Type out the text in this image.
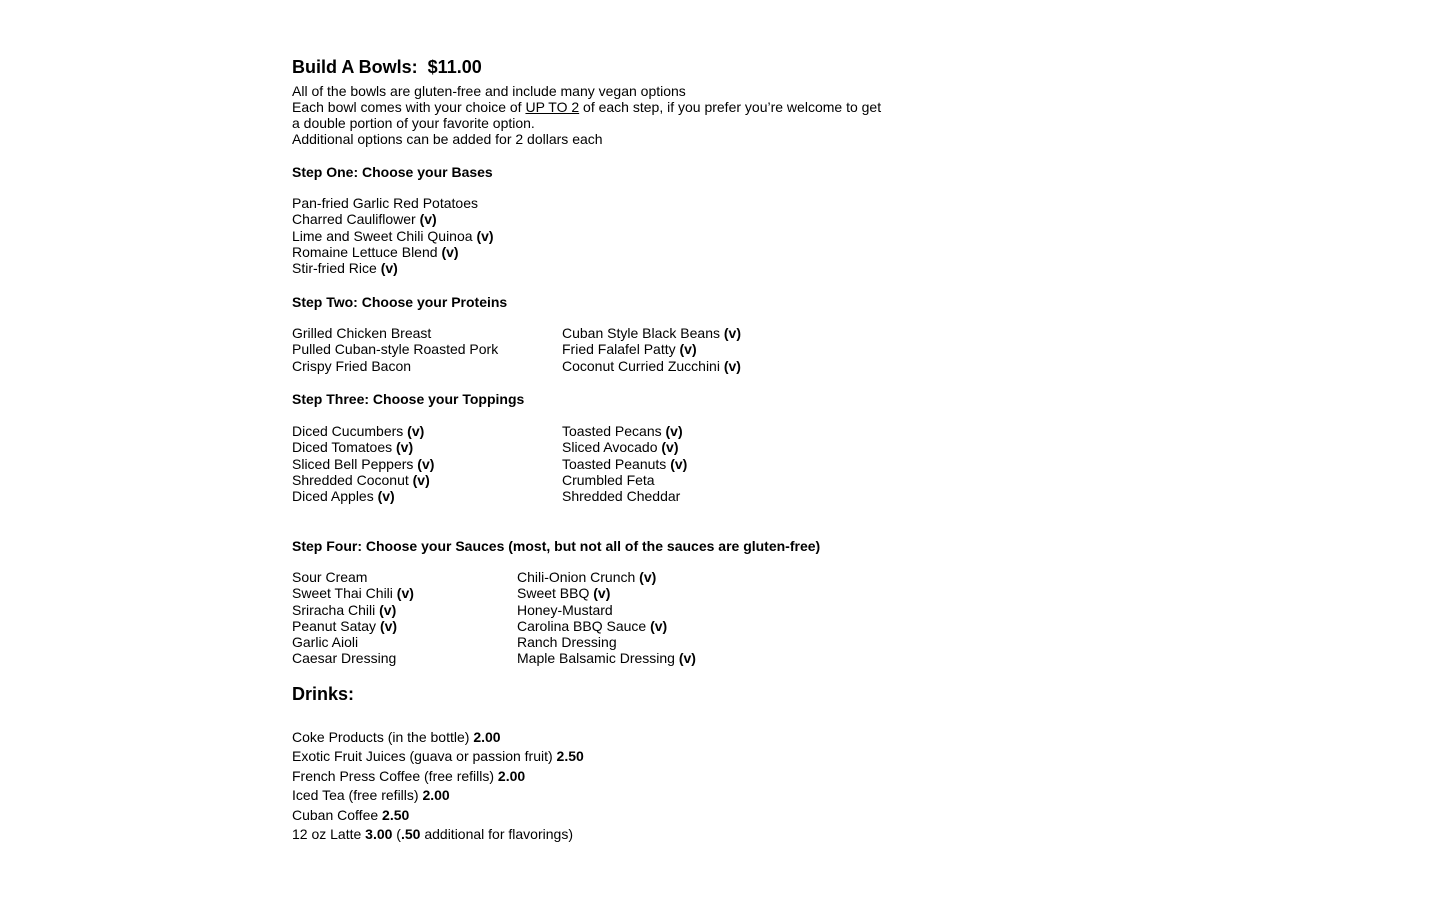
Build A Bowls: $11.00
All of the bowls are gluten-free and include many vegan options
Each bowl comes with your choice of UP TO 2 of each step, if you prefer you’re welcome to get
a double portion of your favorite option.
Additional options can be added for 2 dollars each
Step One: Choose your Bases
Pan-fried Garlic Red Potatoes
Charred Cauliflower (v)
Lime and Sweet Chili Quinoa (v)
Romaine Lettuce Blend (v)
Stir-fried Rice (v)
Step Two: Choose your Proteins
Grilled Chicken Breast
Pulled Cuban-style Roasted Pork
Crispy Fried Bacon
Cuban Style Black Beans (v)
Fried Falafel Patty (v)
Coconut Curried Zucchini (v)
Step Three: Choose your Toppings
Diced Cucumbers (v)
Diced Tomatoes (v)
Sliced Bell Peppers (v)
Shredded Coconut (v)
Diced Apples (v)
Toasted Pecans (v)
Sliced Avocado (v)
Toasted Peanuts (v)
Crumbled Feta
Shredded Cheddar
Step Four: Choose your Sauces (most, but not all of the sauces are gluten-free)
Sour Cream
Sweet Thai Chili (v)
Sriracha Chili (v)
Peanut Satay (v)
Garlic Aioli
Caesar Dressing
Chili-Onion Crunch (v)
Sweet BBQ (v)
Honey-Mustard
Carolina BBQ Sauce (v)
Ranch Dressing
Maple Balsamic Dressing (v)
Drinks:
Coke Products (in the bottle) 2.00
Exotic Fruit Juices (guava or passion fruit) 2.50
French Press Coffee (free refills) 2.00
Iced Tea (free refills) 2.00
Cuban Coffee 2.50
12 oz Latte 3.00 (.50 additional for flavorings)
